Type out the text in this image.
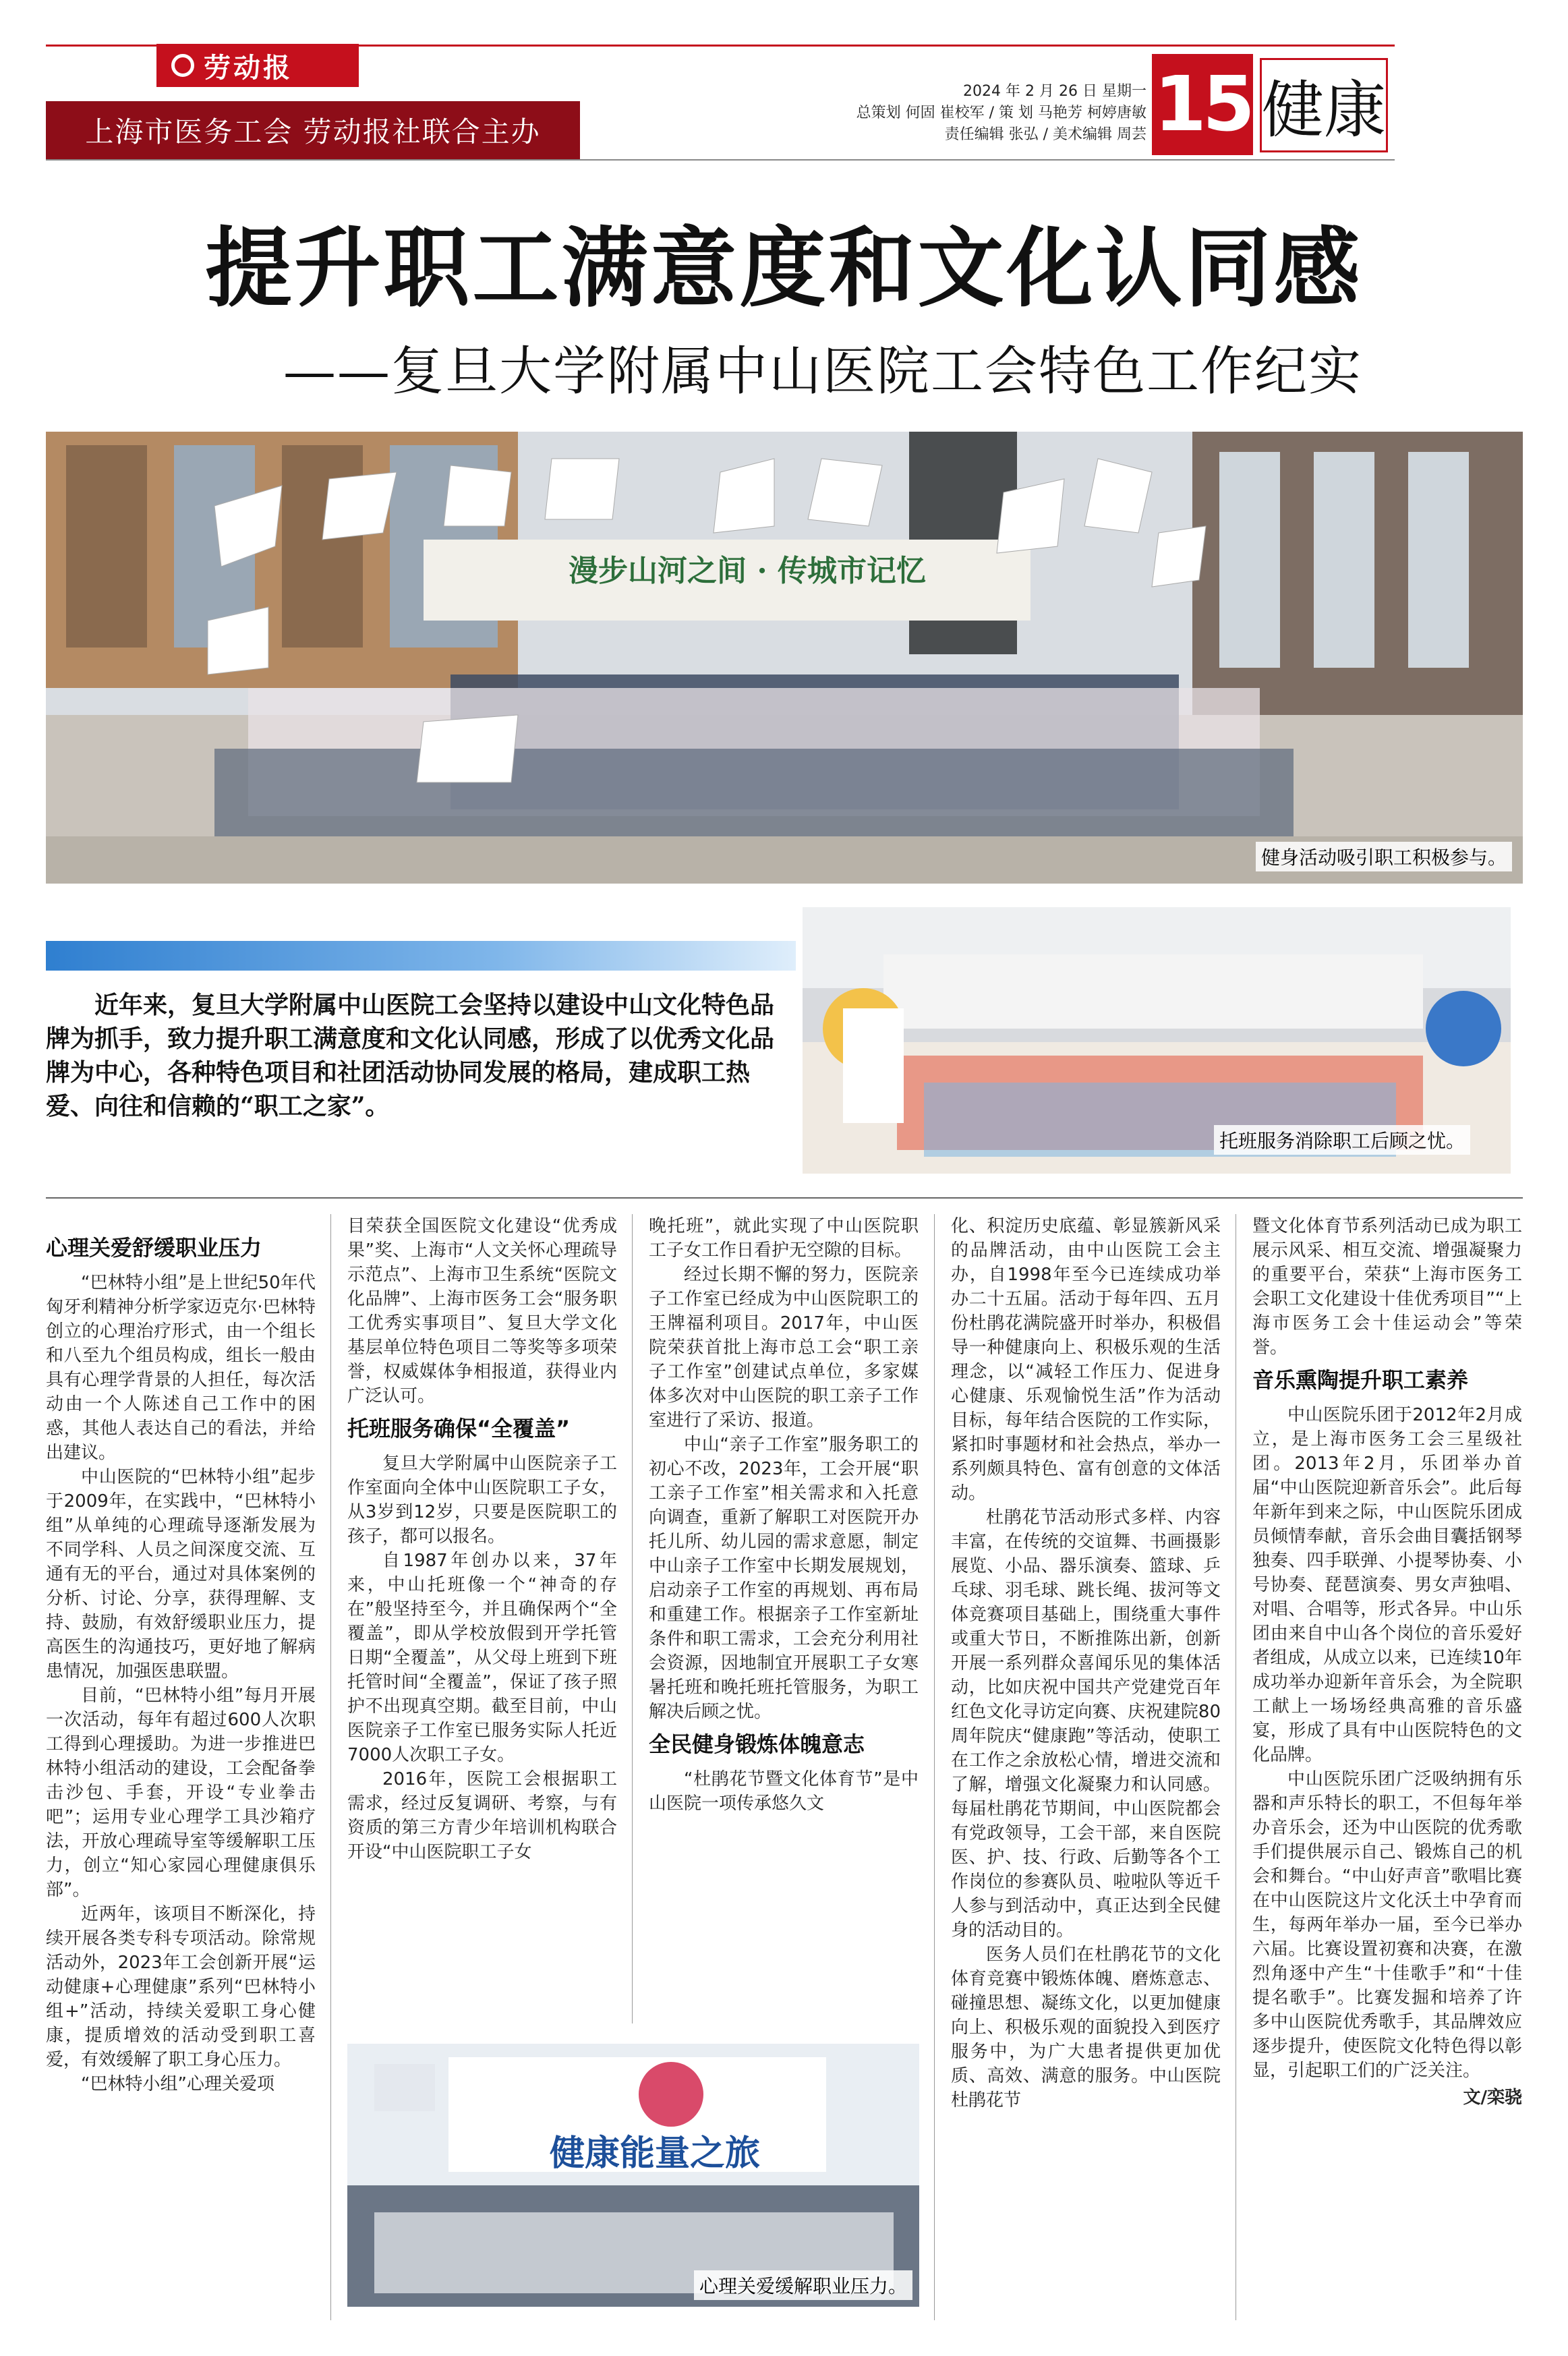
劳动报
上海市医务工会 劳动报社联合主办
2024 年 2 月 26 日 星期一
总策划 何固 崔校军 / 策 划 马艳芳 柯婷唐敏
责任编辑 张弘 / 美术编辑 周芸 15 健康
提升职工满意度和文化认同感
——复旦大学附属中山医院工会特色工作纪实
漫步山河之间 · 传城市记忆
健身活动吸引职工积极参与。
近年来，复旦大学附属中山医院工会坚持以建设中山文化特色品牌为抓手，致力提升职工满意度和文化认同感，形成了以优秀文化品牌为中心，各种特色项目和社团活动协同发展的格局，建成职工热爱、向往和信赖的“职工之家”。
托班服务消除职工后顾之忧。
心理关爱舒缓职业压力

“巴林特小组”是上世纪50年代匈牙利精神分析学家迈克尔·巴林特创立的心理治疗形式，由一个组长和八至九个组员构成，组长一般由具有心理学背景的人担任，每次活动由一个人陈述自己工作中的困惑，其他人表达自己的看法，并给出建议。

中山医院的“巴林特小组”起步于2009年，在实践中，“巴林特小组”从单纯的心理疏导逐渐发展为不同学科、人员之间深度交流、互通有无的平台，通过对具体案例的分析、讨论、分享，获得理解、支持、鼓励，有效舒缓职业压力，提高医生的沟通技巧，更好地了解病患情况，加强医患联盟。

目前，“巴林特小组”每月开展一次活动，每年有超过600人次职工得到心理援助。为进一步推进巴林特小组活动的建设，工会配备拳击沙包、手套，开设“专业拳击吧”；运用专业心理学工具沙箱疗法，开放心理疏导室等缓解职工压力，创立“知心家园心理健康俱乐部”。

近两年，该项目不断深化，持续开展各类专科专项活动。除常规活动外，2023年工会创新开展“运动健康+心理健康”系列“巴林特小组+”活动，持续关爱职工身心健康，提质增效的活动受到职工喜爱，有效缓解了职工身心压力。

“巴林特小组”心理关爱项

目荣获全国医院文化建设“优秀成果”奖、上海市“人文关怀心理疏导示范点”、上海市卫生系统“医院文化品牌”、上海市医务工会“服务职工优秀实事项目”、复旦大学文化基层单位特色项目二等奖等多项荣誉，权威媒体争相报道，获得业内广泛认可。

托班服务确保“全覆盖”

复旦大学附属中山医院亲子工作室面向全体中山医院职工子女，从3岁到12岁，只要是医院职工的孩子，都可以报名。

自1987年创办以来，37年来，中山托班像一个“神奇的存在”般坚持至今，并且确保两个“全覆盖”，即从学校放假到开学托管日期“全覆盖”，从父母上班到下班托管时间“全覆盖”，保证了孩子照护不出现真空期。截至目前，中山医院亲子工作室已服务实际人托近7000人次职工子女。

2016年，医院工会根据职工需求，经过反复调研、考察，与有资质的第三方青少年培训机构联合开设“中山医院职工子女

晚托班”，就此实现了中山医院职工子女工作日看护无空隙的目标。

经过长期不懈的努力，医院亲子工作室已经成为中山医院职工的王牌福利项目。2017年，中山医院荣获首批上海市总工会“职工亲子工作室”创建试点单位，多家媒体多次对中山医院的职工亲子工作室进行了采访、报道。

中山“亲子工作室”服务职工的初心不改，2023年，工会开展“职工亲子工作室”相关需求和入托意向调查，重新了解职工对医院开办托儿所、幼儿园的需求意愿，制定中山亲子工作室中长期发展规划，启动亲子工作室的再规划、再布局和重建工作。根据亲子工作室新址条件和职工需求，工会充分利用社会资源，因地制宜开展职工子女寒暑托班和晚托班托管服务，为职工解决后顾之忧。

全民健身锻炼体魄意志

“杜鹃花节暨文化体育节”是中山医院一项传承悠久文

健康能量之旅
心理关爱缓解职业压力。

化、积淀历史底蕴、彰显簇新风采的品牌活动，由中山医院工会主办，自1998年至今已连续成功举办二十五届。活动于每年四、五月份杜鹃花满院盛开时举办，积极倡导一种健康向上、积极乐观的生活理念，以“减轻工作压力、促进身心健康、乐观愉悦生活”作为活动目标，每年结合医院的工作实际，紧扣时事题材和社会热点，举办一系列颇具特色、富有创意的文体活动。

杜鹃花节活动形式多样、内容丰富，在传统的交谊舞、书画摄影展览、小品、器乐演奏、篮球、乒乓球、羽毛球、跳长绳、拔河等文体竞赛项目基础上，围绕重大事件或重大节日，不断推陈出新，创新开展一系列群众喜闻乐见的集体活动，比如庆祝中国共产党建党百年红色文化寻访定向赛、庆祝建院80周年院庆“健康跑”等活动，使职工在工作之余放松心情，增进交流和了解，增强文化凝聚力和认同感。每届杜鹃花节期间，中山医院都会有党政领导，工会干部，来自医院医、护、技、行政、后勤等各个工作岗位的参赛队员、啦啦队等近千人参与到活动中，真正达到全民健身的活动目的。

医务人员们在杜鹃花节的文化体育竞赛中锻炼体魄、磨炼意志、碰撞思想、凝练文化，以更加健康向上、积极乐观的面貌投入到医疗服务中，为广大患者提供更加优质、高效、满意的服务。中山医院杜鹃花节

暨文化体育节系列活动已成为职工展示风采、相互交流、增强凝聚力的重要平台，荣获“上海市医务工会职工文化建设十佳优秀项目”“上海市医务工会十佳运动会”等荣誉。

音乐熏陶提升职工素养

中山医院乐团于2012年2月成立，是上海市医务工会三星级社团。2013年2月，乐团举办首届“中山医院迎新音乐会”。此后每年新年到来之际，中山医院乐团成员倾情奉献，音乐会曲目囊括钢琴独奏、四手联弹、小提琴协奏、小号协奏、琵琶演奏、男女声独唱、对唱、合唱等，形式各异。中山乐团由来自中山各个岗位的音乐爱好者组成，从成立以来，已连续10年成功举办迎新年音乐会，为全院职工献上一场场经典高雅的音乐盛宴，形成了具有中山医院特色的文化品牌。

中山医院乐团广泛吸纳拥有乐器和声乐特长的职工，不但每年举办音乐会，还为中山医院的优秀歌手们提供展示自己、锻炼自己的机会和舞台。“中山好声音”歌唱比赛在中山医院这片文化沃土中孕育而生，每两年举办一届，至今已举办六届。比赛设置初赛和决赛，在激烈角逐中产生“十佳歌手”和“十佳提名歌手”。比赛发掘和培养了许多中山医院优秀歌手，其品牌效应逐步提升，使医院文化特色得以彰显，引起职工们的广泛关注。

文/栾骁
